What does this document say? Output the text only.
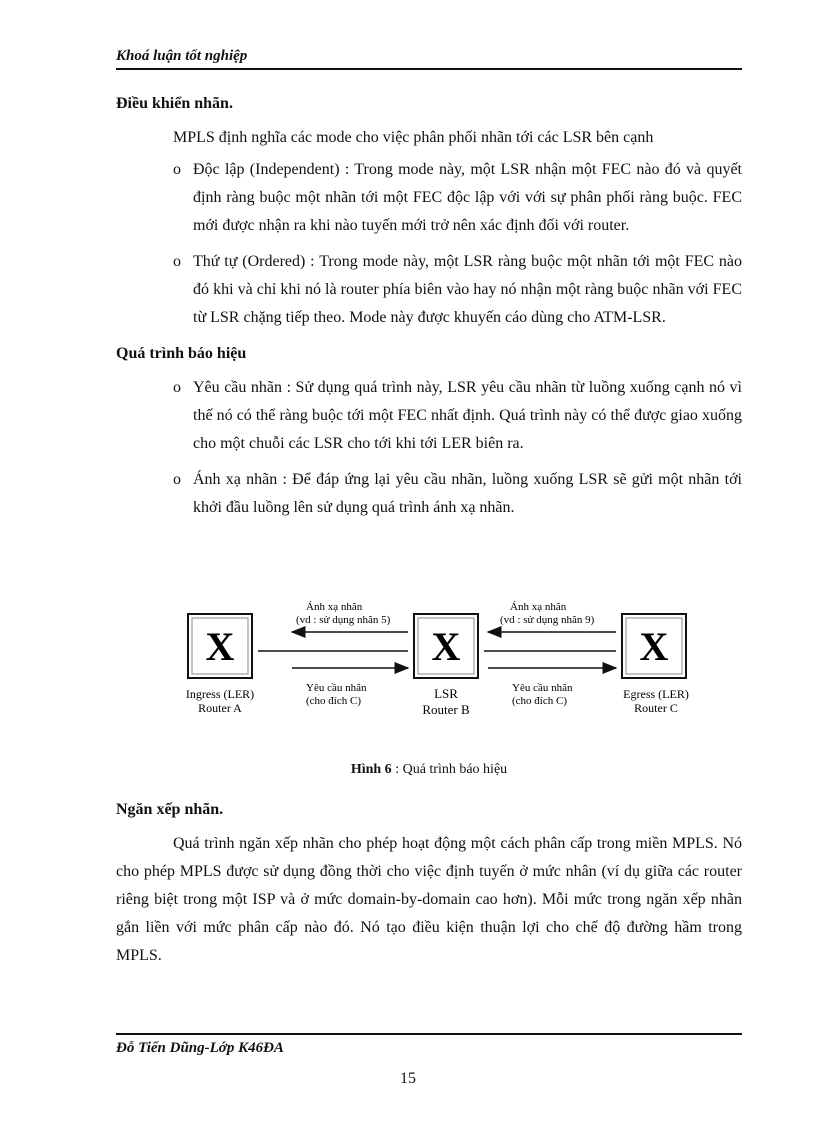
Khoá luận tốt nghiệp
Điều khiển nhãn.

MPLS định nghĩa các mode cho việc phân phối nhãn tới các LSR bên cạnh

o Độc lập (Independent) : Trong mode này, một LSR nhận một FEC nào đó và quyết định ràng buộc một nhãn tới một FEC độc lập với với sự phân phối ràng buộc. FEC mới được nhận ra khi nào tuyến mới trở nên xác định đối với router.
o Thứ tự (Ordered) : Trong mode này, một LSR ràng buộc một nhãn tới một FEC nào đó khi và chỉ khi nó là router phía biên vào hay nó nhận một ràng buộc nhãn với FEC từ LSR chặng tiếp theo. Mode này được khuyến cáo dùng cho ATM-LSR.
Quá trình báo hiệu
o Yêu cầu nhãn : Sử dụng quá trình này, LSR yêu cầu nhãn từ luồng xuống cạnh nó vì thế nó có thể ràng buộc tới một FEC nhất định. Quá trình này có thể được giao xuống cho một chuỗi các LSR cho tới khi tới LER biên ra.
o Ánh xạ nhãn : Để đáp ứng lại yêu cầu nhãn, luồng xuống LSR sẽ gửi một nhãn tới khởi đầu luồng lên sử dụng quá trình ánh xạ nhãn.
X	X	X
Ánh xạ nhãn
(vd : sử dụng nhãn 5)
Ánh xạ nhãn
(vd : sử dụng nhãn 9)
Yêu cầu nhãn
(cho đích C)
Yêu cầu nhãn
(cho đích C)
Ingress (LER)
Router A
LSR
Router B
Egress (LER)
Router C
Hình 6 : Quá trình báo hiệu
Ngăn xếp nhãn.

Quá trình ngăn xếp nhãn cho phép hoạt động một cách phân cấp trong miền MPLS. Nó cho phép MPLS được sử dụng đồng thời cho việc định tuyến ở mức nhân (ví dụ giữa các router riêng biệt trong một ISP và ở mức domain-by-domain cao hơn). Mỗi mức trong ngăn xếp nhãn gắn liền với mức phân cấp nào đó. Nó tạo điều kiện thuận lợi cho chế độ đường hầm trong MPLS.

Đỗ Tiến Dũng-Lớp K46ĐA
15
